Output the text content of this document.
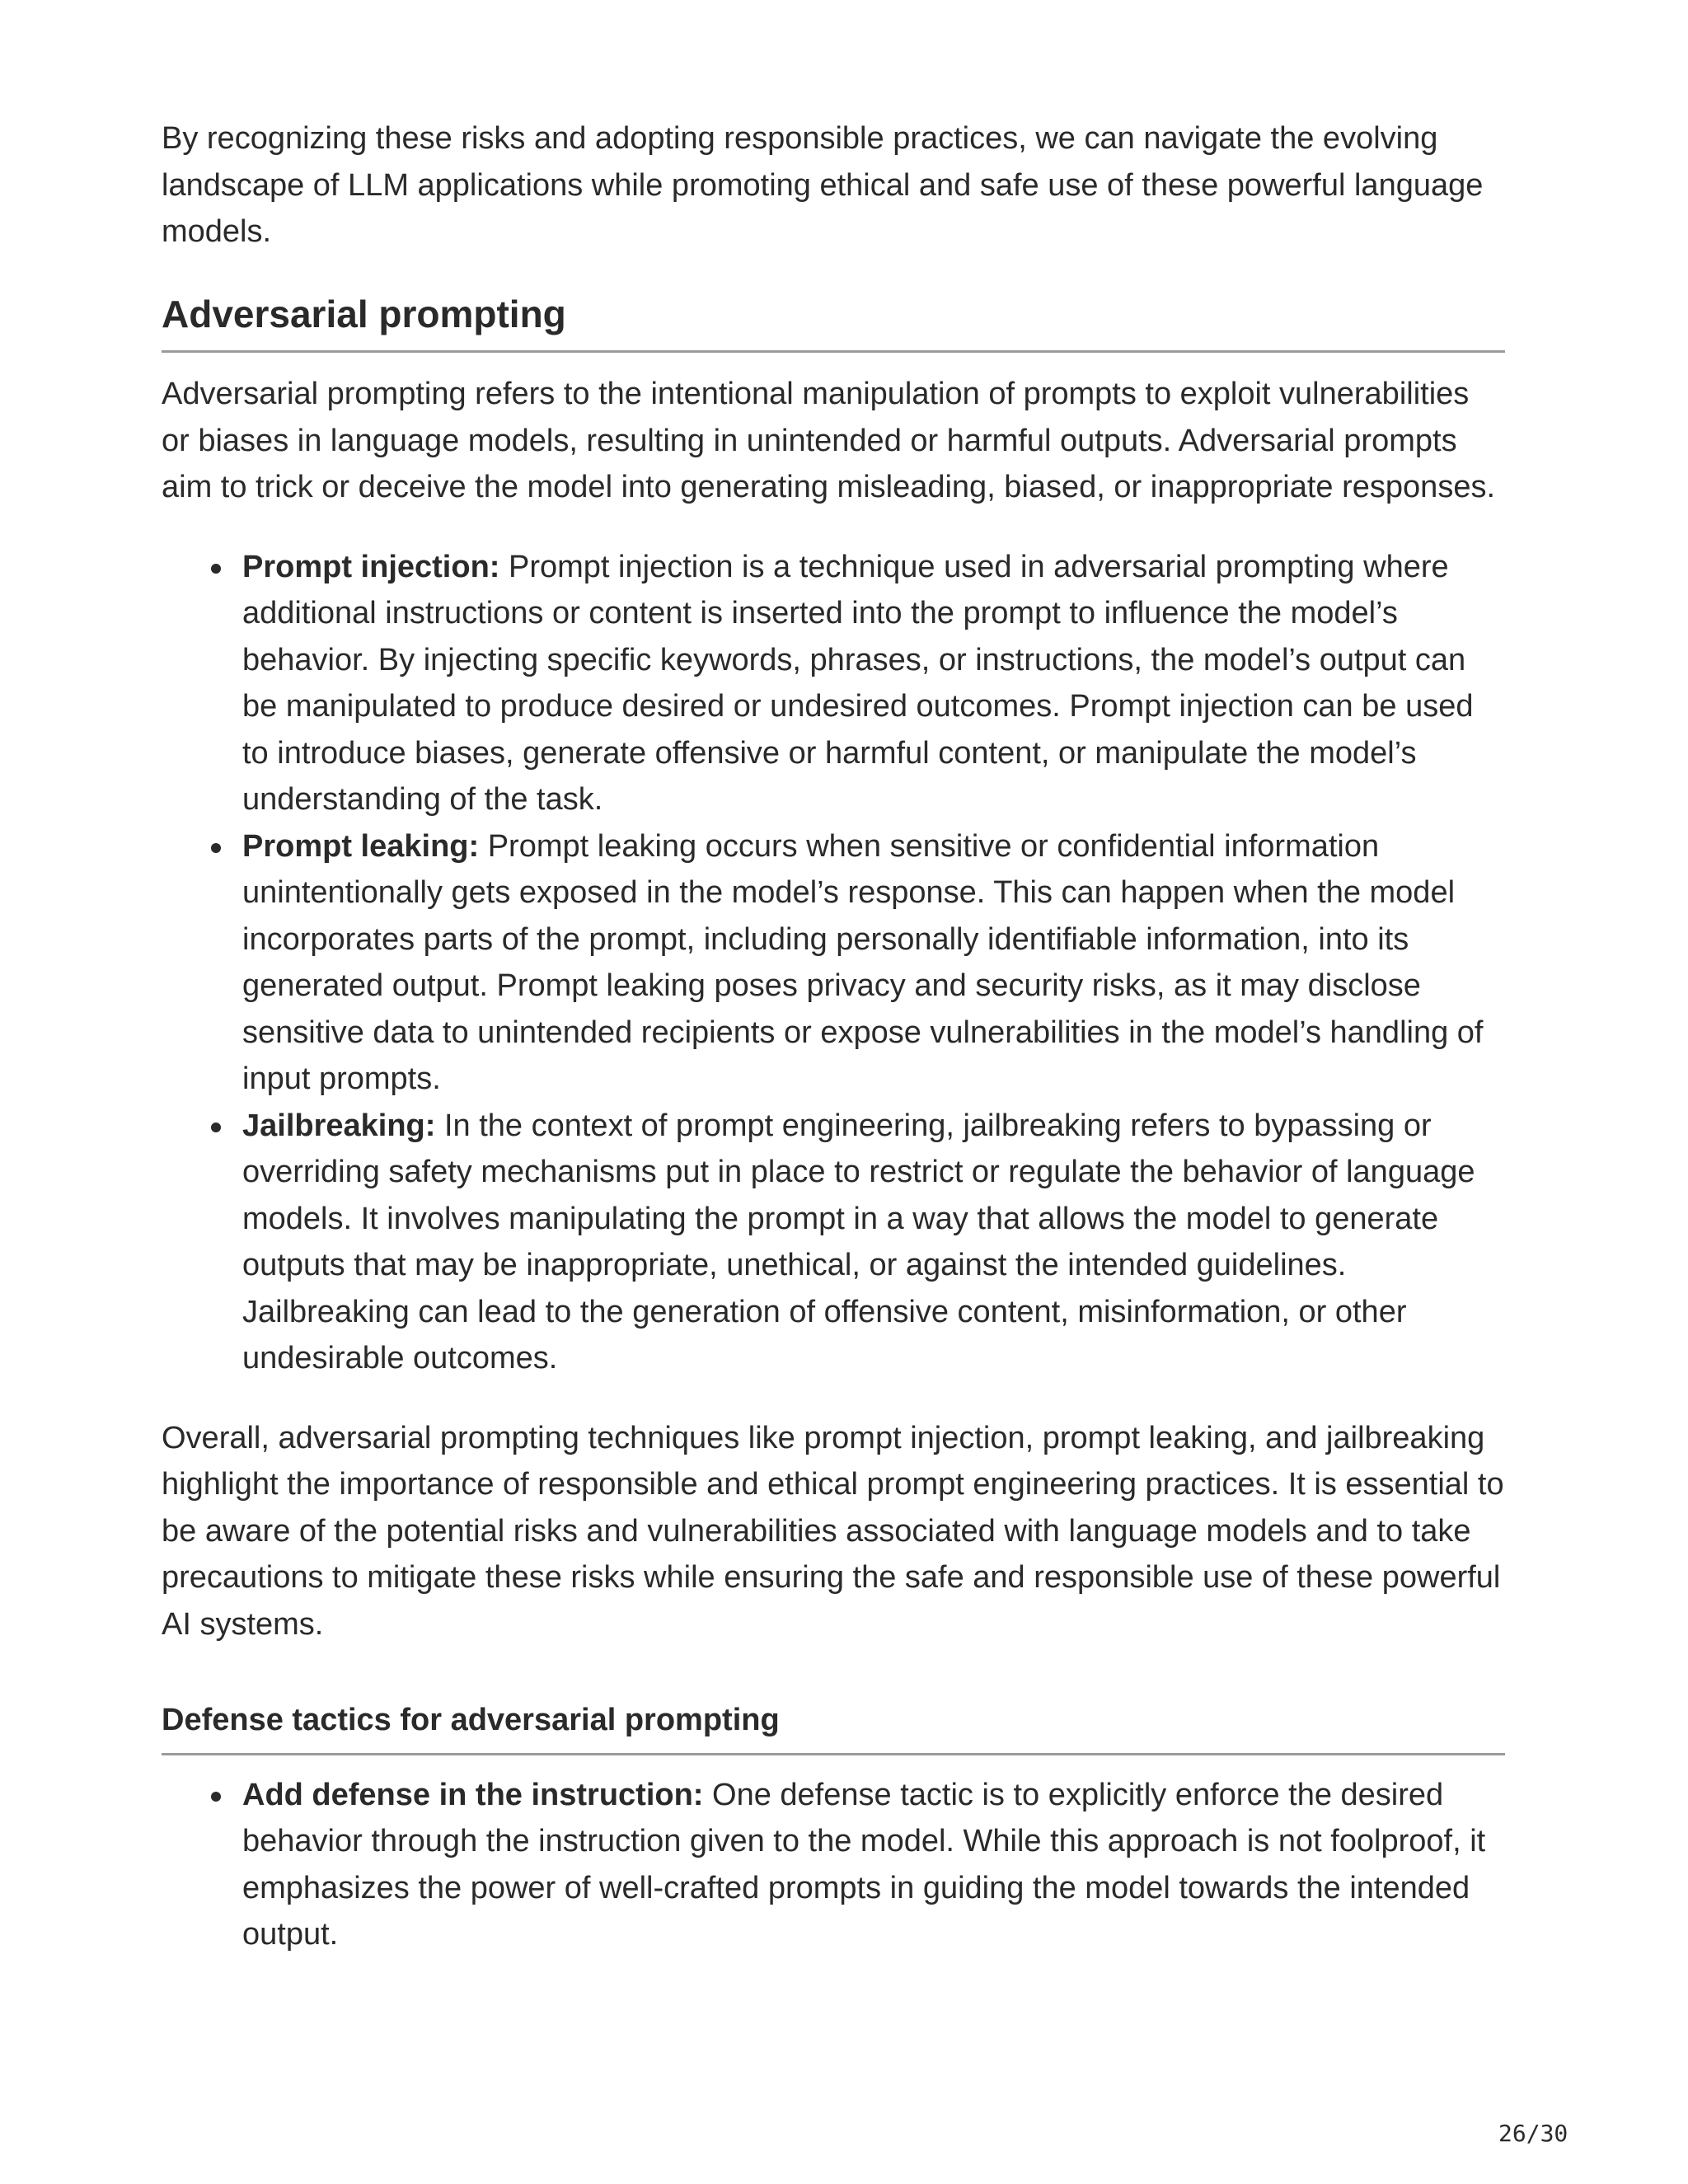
By recognizing these risks and adopting responsible practices, we can navigate the evolving landscape of LLM applications while promoting ethical and safe use of these powerful language models.

Adversarial prompting

Adversarial prompting refers to the intentional manipulation of prompts to exploit vulnerabilities or biases in language models, resulting in unintended or harmful outputs. Adversarial prompts aim to trick or deceive the model into generating misleading, biased, or inappropriate responses.

Prompt injection: Prompt injection is a technique used in adversarial prompting where additional instructions or content is inserted into the prompt to influence the model’s behavior. By injecting specific keywords, phrases, or instructions, the model’s output can be manipulated to produce desired or undesired outcomes. Prompt injection can be used to introduce biases, generate offensive or harmful content, or manipulate the model’s understanding of the task.
Prompt leaking: Prompt leaking occurs when sensitive or confidential information unintentionally gets exposed in the model’s response. This can happen when the model incorporates parts of the prompt, including personally identifiable information, into its generated output. Prompt leaking poses privacy and security risks, as it may disclose sensitive data to unintended recipients or expose vulnerabilities in the model’s handling of input prompts.
Jailbreaking: In the context of prompt engineering, jailbreaking refers to bypassing or overriding safety mechanisms put in place to restrict or regulate the behavior of language models. It involves manipulating the prompt in a way that allows the model to generate outputs that may be inappropriate, unethical, or against the intended guidelines. Jailbreaking can lead to the generation of offensive content, misinformation, or other undesirable outcomes.

Overall, adversarial prompting techniques like prompt injection, prompt leaking, and jailbreaking highlight the importance of responsible and ethical prompt engineering practices. It is essential to be aware of the potential risks and vulnerabilities associated with language models and to take precautions to mitigate these risks while ensuring the safe and responsible use of these powerful AI systems.

Defense tactics for adversarial prompting
Add defense in the instruction: One defense tactic is to explicitly enforce the desired behavior through the instruction given to the model. While this approach is not foolproof, it emphasizes the power of well-crafted prompts in guiding the model towards the intended output.
26/30
